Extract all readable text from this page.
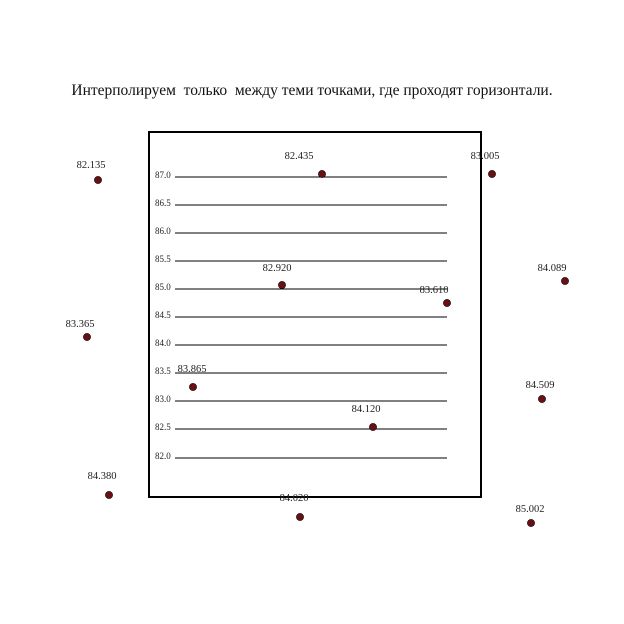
Интерполируем  только  между теми точками, где проходят горизонтали.
87.0
86.5
86.0
85.5
85.0
84.5
84.0
83.5
83.0
82.5
82.0
82.135
82.435	83.005
82.920	84.089
83.610
83.365
83.865
84.509
84.120
84.380
84.020
85.002
